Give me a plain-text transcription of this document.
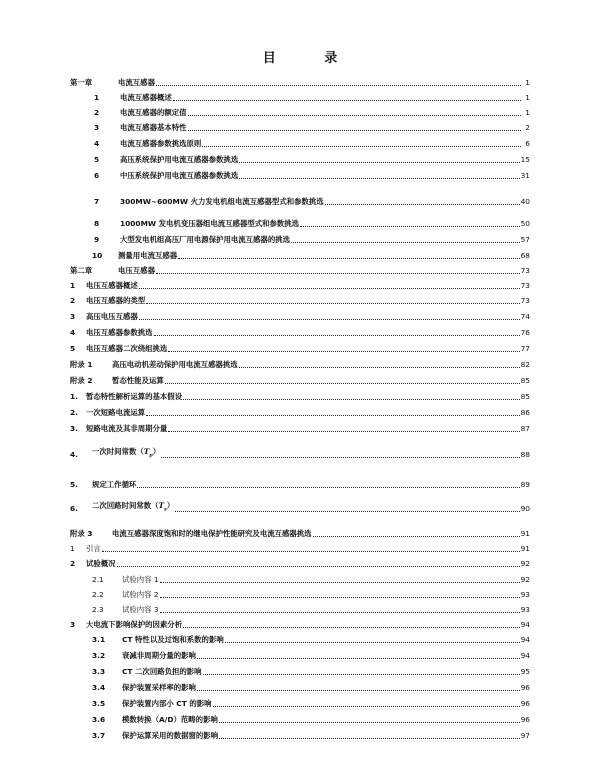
目 录
第一章	电流互感器	1
1	电流互感器概述	1
2	电流互感器的额定值	1
3	电流互感器基本特性	2
4	电流互感器参数挑选原则	6
5	高压系统保护用电流互感器参数挑选	15
6	中压系统保护用电流互感器参数挑选	31
7	300MW~600MW 火力发电机组电流互感器型式和参数挑选	40
8	1000MW 发电机变压器组电流互感器型式和参数挑选	50
9	大型发电机组高压厂用电源保护用电流互感器的挑选	57
10	测量用电流互感器	68
第二章	电压互感器	73
1	电压互感器概述	73
2	电压互感器的类型	73
3	高压电压互感器	74
4	电压互感器参数挑选	76
5	电压互感器二次绕组挑选	77
附录 1	高压电动机差动保护用电流互感器挑选	82
附录 2	暂态性能及运算	85
1.	暂态特性解析运算的基本假设	85
2.	一次短路电流运算	86
3.	短路电流及其非周期分量	87
4.	一次时间常数$(T_p)$	88
5.	规定工作循环	89
6.	二次回路时间常数$(T_s)$	90
附录 3	电流互感器深度饱和时的继电保护性能研究及电流互感器挑选	91
1	引言	91
2	试验概况	92
2.1	试验内容 1	92
2.2	试验内容 2	93
2.3	试验内容 3	93
3	大电流下影响保护的因素分析	94
3.1	CT 特性以及过饱和系数的影响	94
3.2	衰减非周期分量的影响	94
3.3	CT 二次回路负担的影响	95
3.4	保护装置采样率的影响	96
3.5	保护装置内部小 CT 的影响	96
3.6	模数转换（A/D）范畴的影响	96
3.7	保护运算采用的数据窗的影响	97
